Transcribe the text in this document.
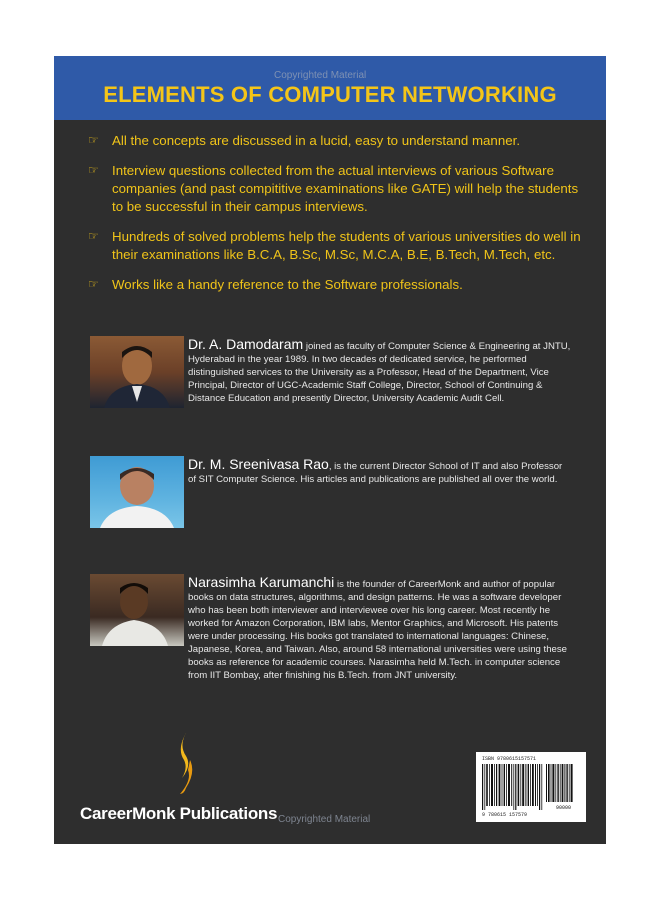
Copyrighted Material
ELEMENTS OF COMPUTER NETWORKING
☞ All the concepts are discussed in a lucid, easy to understand manner.
☞ Interview questions collected from the actual interviews of various Software companies (and past compititive examinations like GATE) will help the students to be successful in their campus interviews.
☞ Hundreds of solved problems help the students of various universities do well in their examinations like B.C.A, B.Sc, M.Sc, M.C.A, B.E, B.Tech, M.Tech, etc.
☞ Works like a handy reference to the Software professionals.
Dr. A. Damodaram joined as faculty of Computer Science & Engineering at JNTU, Hyderabad in the year 1989. In two decades of dedicated service, he performed distinguished services to the University as a Professor, Head of the Department, Vice Principal, Director of UGC-Academic Staff College, Director, School of Continuing & Distance Education and presently Director, University Academic Audit Cell.
Dr. M. Sreenivasa Rao, is the current Director School of IT and also Professor of SIT Computer Science. His articles and publications are published all over the world.
Narasimha Karumanchi is the founder of CareerMonk and author of popular books on data structures, algorithms, and design patterns. He was a software developer who has been both interviewer and interviewee over his long career. Most recently he worked for Amazon Corporation, IBM labs, Mentor Graphics, and Microsoft. His patents were under processing. His books got translated to international languages: Chinese, Japanese, Korea, and Taiwan. Also, around 58 international universities were using these books as reference for academic courses. Narasimha held M.Tech. in computer science from IIT Bombay, after finishing his B.Tech. from JNT university.
CareerMonk Publications Copyrighted Material
ISBN 9780615157571
90000
9 780615 157579
